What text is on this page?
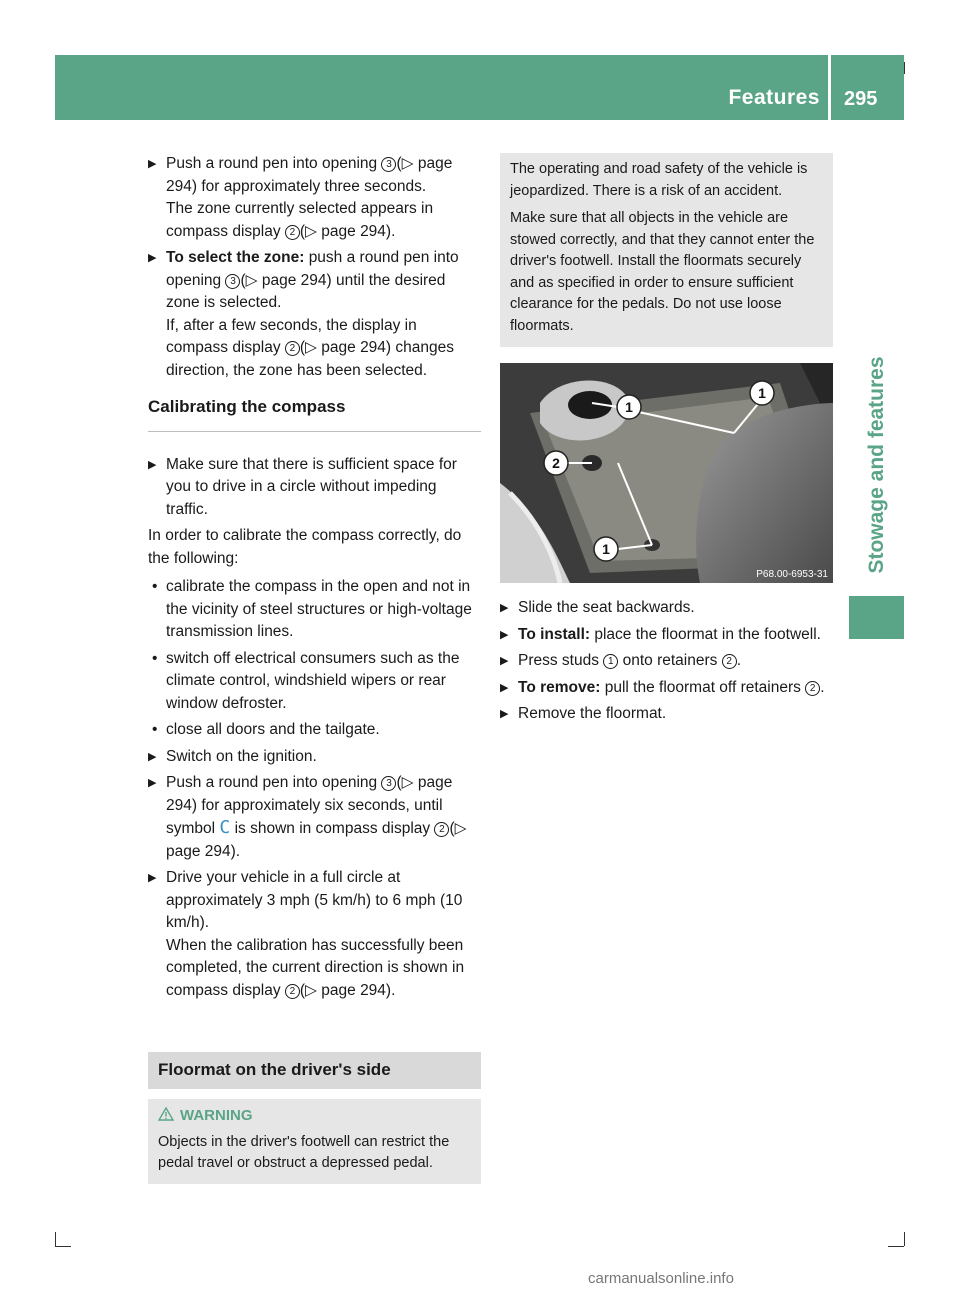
Features 295
Stowage and features
▶ Push a round pen into opening 3 (▷ page 294) for approximately three seconds.
The zone currently selected appears in compass display 2 (▷ page 294).
▶ To select the zone: push a round pen into opening 3 (▷ page 294) until the desired zone is selected.
If, after a few seconds, the display in compass display 2 (▷ page 294) changes direction, the zone has been selected.
Calibrating the compass
▶ Make sure that there is sufficient space for you to drive in a circle without impeding traffic.
In order to calibrate the compass correctly, do the following:
• calibrate the compass in the open and not in the vicinity of steel structures or high-voltage transmission lines.
• switch off electrical consumers such as the climate control, windshield wipers or rear window defroster.
• close all doors and the tailgate.
▶ Switch on the ignition.
▶ Push a round pen into opening 3 (▷ page 294) for approximately six seconds, until symbol C is shown in compass display 2 (▷ page 294).
▶ Drive your vehicle in a full circle at approximately 3 mph (5 km/h) to 6 mph (10 km/h).
When the calibration has successfully been completed, the current direction is shown in compass display 2 (▷ page 294).
Floormat on the driver's side
WARNING
Objects in the driver's footwell can restrict the pedal travel or obstruct a depressed pedal.

The operating and road safety of the vehicle is jeopardized. There is a risk of an accident.

Make sure that all objects in the vehicle are stowed correctly, and that they cannot enter the driver's footwell. Install the floormats securely and as specified in order to ensure sufficient clearance for the pedals. Do not use loose floormats.

1
1
2
1
P68.00-6953-31
▶ Slide the seat backwards.
▶ To install: place the floormat in the footwell.
▶ Press studs 1 onto retainers 2 .
▶ To remove: pull the floormat off retainers 2 .
▶ Remove the floormat.
carmanualsonline.info
